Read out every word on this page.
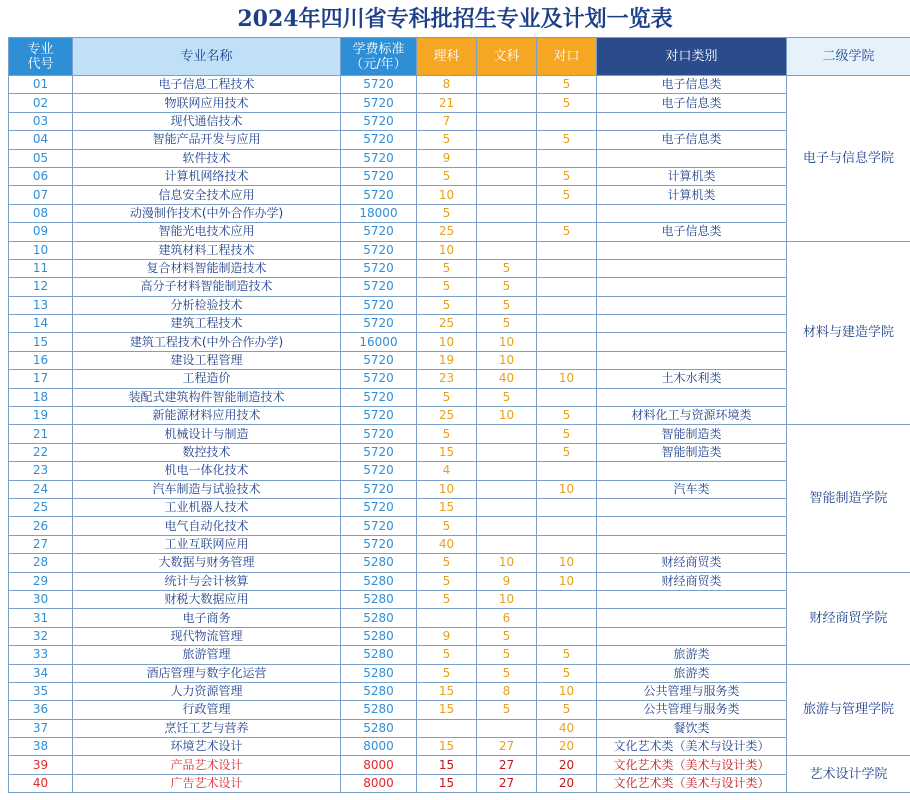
2024年四川省专科批招生专业及计划一览表
专业
代号	专业名称	学费标准
（元/年）	理科	文科	对口	对口类别	二级学院
01	电子信息工程技术	5720	8		5	电子信息类	电子与信息学院
02	物联网应用技术	5720	21		5	电子信息类	
03	现代通信技术	5720	7				
04	智能产品开发与应用	5720	5		5	电子信息类	
05	软件技术	5720	9				
06	计算机网络技术	5720	5		5	计算机类	
07	信息安全技术应用	5720	10		5	计算机类	
08	动漫制作技术(中外合作办学)	18000	5				
09	智能光电技术应用	5720	25		5	电子信息类	
10	建筑材料工程技术	5720	10				材料与建造学院
11	复合材料智能制造技术	5720	5	5			
12	高分子材料智能制造技术	5720	5	5			
13	分析检验技术	5720	5	5			
14	建筑工程技术	5720	25	5			
15	建筑工程技术(中外合作办学)	16000	10	10			
16	建设工程管理	5720	19	10			
17	工程造价	5720	23	40	10	土木水利类	
18	装配式建筑构件智能制造技术	5720	5	5			
19	新能源材料应用技术	5720	25	10	5	材料化工与资源环境类	
21	机械设计与制造	5720	5		5	智能制造类	智能制造学院
22	数控技术	5720	15		5	智能制造类	
23	机电一体化技术	5720	4				
24	汽车制造与试验技术	5720	10		10	汽车类	
25	工业机器人技术	5720	15				
26	电气自动化技术	5720	5				
27	工业互联网应用	5720	40				
28	大数据与财务管理	5280	5	10	10	财经商贸类	
29	统计与会计核算	5280	5	9	10	财经商贸类	财经商贸学院
30	财税大数据应用	5280	5	10			
31	电子商务	5280		6			
32	现代物流管理	5280	9	5			
33	旅游管理	5280	5	5	5	旅游类	
34	酒店管理与数字化运营	5280	5	5	5	旅游类	旅游与管理学院
35	人力资源管理	5280	15	8	10	公共管理与服务类	
36	行政管理	5280	15	5	5	公共管理与服务类	
37	烹饪工艺与营养	5280			40	餐饮类	
38	环境艺术设计	8000	15	27	20	文化艺术类（美术与设计类）	
39	产品艺术设计	8000	15	27	20	文化艺术类（美术与设计类）	艺术设计学院
40	广告艺术设计	8000	15	27	20	文化艺术类（美术与设计类）	
